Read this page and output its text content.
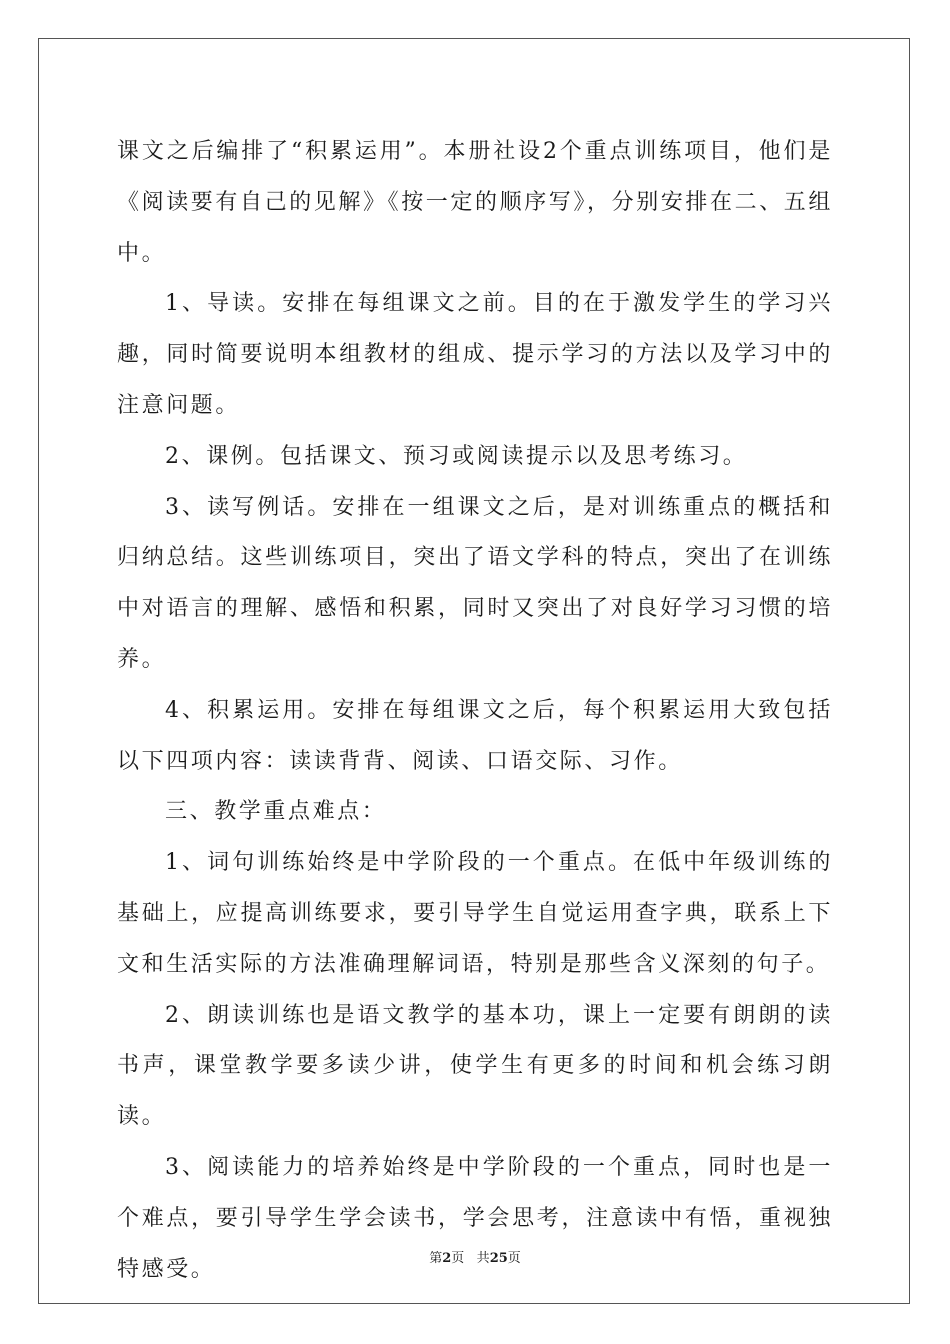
课文之后编排了“积累运用”。本册社设2个重点训练项目，他们是《阅读要有自己的见解》《按一定的顺序写》，分别安排在二、五组中。

1、导读。安排在每组课文之前。目的在于激发学生的学习兴趣，同时简要说明本组教材的组成、提示学习的方法以及学习中的注意问题。

2、课例。包括课文、预习或阅读提示以及思考练习。

3、读写例话。安排在一组课文之后，是对训练重点的概括和归纳总结。这些训练项目，突出了语文学科的特点，突出了在训练中对语言的理解、感悟和积累，同时又突出了对良好学习习惯的培养。

4、积累运用。安排在每组课文之后，每个积累运用大致包括以下四项内容：读读背背、阅读、口语交际、习作。

三、教学重点难点：

1、词句训练始终是中学阶段的一个重点。在低中年级训练的基础上，应提高训练要求，要引导学生自觉运用查字典，联系上下文和生活实际的方法准确理解词语，特别是那些含义深刻的句子。

2、朗读训练也是语文教学的基本功，课上一定要有朗朗的读书声，课堂教学要多读少讲，使学生有更多的时间和机会练习朗读。

3、阅读能力的培养始终是中学阶段的一个重点，同时也是一个难点，要引导学生学会读书，学会思考，注意读中有悟，重视独特感受。	第2页 共25页
